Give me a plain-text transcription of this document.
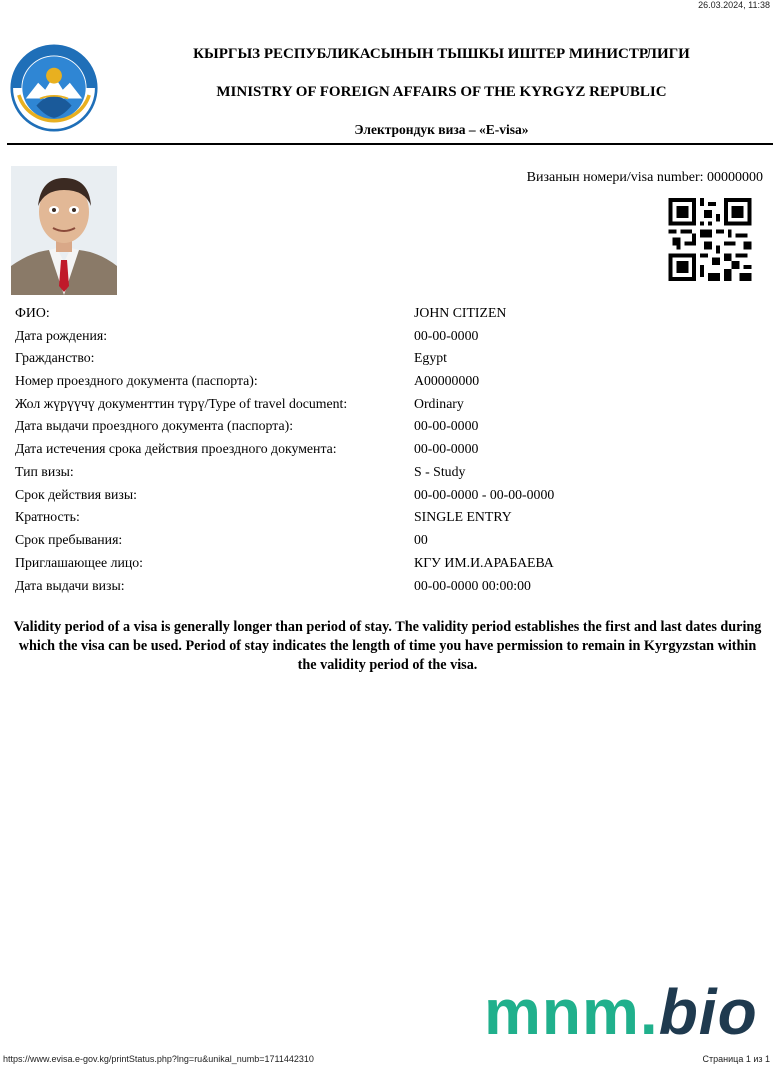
26.03.2024, 11:38
КЫРГЫЗ РЕСПУБЛИКАСЫНЫН ТЫШКЫ ИШТЕР МИНИСТРЛИГИ
MINISTRY OF FOREIGN AFFAIRS OF THE KYRGYZ REPUBLIC
Электрондук виза – «E-visa»
Визанын номери/visa number: 00000000
ФИО:	JOHN CITIZEN
Дата рождения:	00-00-0000
Гражданство:	Egypt
Номер проездного документа (паспорта):	A00000000
Жол жүрүүчү документтин түрү/Type of travel document:	Ordinary
Дата выдачи проездного документа (паспорта):	00-00-0000
Дата истечения срока действия проездного документа:	00-00-0000
Тип визы:	S - Study
Срок действия визы:	00-00-0000 - 00-00-0000
Кратность:	SINGLE ENTRY
Срок пребывания:	00
Приглашающее лицо:	КГУ ИМ.И.АРАБАЕВА
Дата выдачи визы:	00-00-0000 00:00:00
Validity period of a visa is generally longer than period of stay. The validity period establishes the first and last dates during which the visa can be used. Period of stay indicates the length of time you have permission to remain in Kyrgyzstan within the validity period of the visa.
mnm.bio
https://www.evisa.e-gov.kg/printStatus.php?lng=ru&unikal_numb=1711442310	Страница 1 из 1
